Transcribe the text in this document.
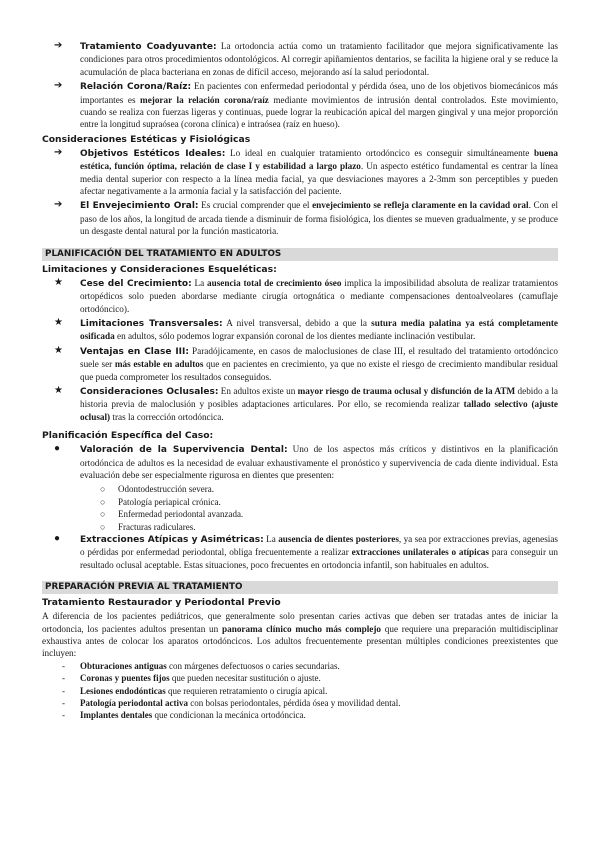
➔ Tratamiento Coadyuvante: La ortodoncia actúa como un tratamiento facilitador que mejora significativamente las condiciones para otros procedimientos odontológicos. Al corregir apiñamientos dentarios, se facilita la higiene oral y se reduce la acumulación de placa bacteriana en zonas de difícil acceso, mejorando así la salud periodontal.
➔ Relación Corona/Raíz: En pacientes con enfermedad periodontal y pérdida ósea, uno de los objetivos biomecánicos más importantes es mejorar la relación corona/raíz mediante movimientos de intrusión dental controlados. Este movimiento, cuando se realiza con fuerzas ligeras y continuas, puede lograr la reubicación apical del margen gingival y una mejor proporción entre la longitud supraósea (corona clínica) e intraósea (raíz en hueso).
Consideraciones Estéticas y Fisiológicas
➔ Objetivos Estéticos Ideales: Lo ideal en cualquier tratamiento ortodóncico es conseguir simultáneamente buena estética, función óptima, relación de clase I y estabilidad a largo plazo. Un aspecto estético fundamental es centrar la línea media dental superior con respecto a la línea media facial, ya que desviaciones mayores a 2-3mm son perceptibles y pueden afectar negativamente a la armonía facial y la satisfacción del paciente.
➔ El Envejecimiento Oral: Es crucial comprender que el envejecimiento se refleja claramente en la cavidad oral. Con el paso de los años, la longitud de arcada tiende a disminuir de forma fisiológica, los dientes se mueven gradualmente, y se produce un desgaste dental natural por la función masticatoria.
PLANIFICACIÓN DEL TRATAMIENTO EN ADULTOS
Limitaciones y Consideraciones Esqueléticas:
★ Cese del Crecimiento: La ausencia total de crecimiento óseo implica la imposibilidad absoluta de realizar tratamientos ortopédicos solo pueden abordarse mediante cirugía ortognática o mediante compensaciones dentoalveolares (camuflaje ortodóncico).
★ Limitaciones Transversales: A nivel transversal, debido a que la sutura media palatina ya está completamente osificada en adultos, sólo podemos lograr expansión coronal de los dientes mediante inclinación vestibular.
★ Ventajas en Clase III: Paradójicamente, en casos de maloclusiones de clase III, el resultado del tratamiento ortodóncico suele ser más estable en adultos que en pacientes en crecimiento, ya que no existe el riesgo de crecimiento mandibular residual que pueda comprometer los resultados conseguidos.
★ Consideraciones Oclusales: En adultos existe un mayor riesgo de trauma oclusal y disfunción de la ATM debido a la historia previa de maloclusión y posibles adaptaciones articulares. Por ello, se recomienda realizar tallado selectivo (ajuste oclusal) tras la corrección ortodóncica.
Planificación Específica del Caso:
● Valoración de la Supervivencia Dental: Uno de los aspectos más críticos y distintivos en la planificación ortodóncica de adultos es la necesidad de evaluar exhaustivamente el pronóstico y supervivencia de cada diente individual. Esta evaluación debe ser especialmente rigurosa en dientes que presenten:
○ Odontodestrucción severa.
○ Patología periapical crónica.
○ Enfermedad periodontal avanzada.
○ Fracturas radiculares.
● Extracciones Atípicas y Asimétricas: La ausencia de dientes posteriores, ya sea por extracciones previas, agenesias o pérdidas por enfermedad periodontal, obliga frecuentemente a realizar extracciones unilaterales o atípicas para conseguir un resultado oclusal aceptable. Estas situaciones, poco frecuentes en ortodoncia infantil, son habituales en adultos.
PREPARACIÓN PREVIA AL TRATAMIENTO
Tratamiento Restaurador y Periodontal Previo

A diferencia de los pacientes pediátricos, que generalmente solo presentan caries activas que deben ser tratadas antes de iniciar la ortodoncia, los pacientes adultos presentan un panorama clínico mucho más complejo que requiere una preparación multidisciplinar exhaustiva antes de colocar los aparatos ortodóncicos. Los adultos frecuentemente presentan múltiples condiciones preexistentes que incluyen:

- Obturaciones antiguas con márgenes defectuosos o caries secundarias.
- Coronas y puentes fijos que pueden necesitar sustitución o ajuste.
- Lesiones endodónticas que requieren retratamiento o cirugía apical.
- Patología periodontal activa con bolsas periodontales, pérdida ósea y movilidad dental.
- Implantes dentales que condicionan la mecánica ortodóncica.
